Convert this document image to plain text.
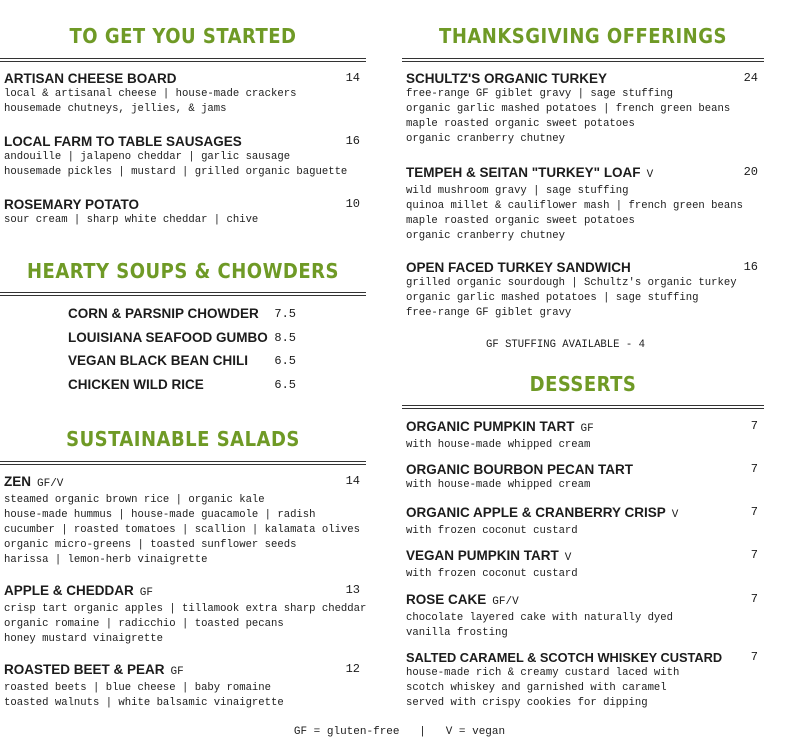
TO GET YOU STARTED
ARTISAN CHEESE BOARD	14
local & artisanal cheese | house-made crackers
housemade chutneys, jellies, & jams
LOCAL FARM TO TABLE SAUSAGES	16
andouille | jalapeno cheddar | garlic sausage
housemade pickles | mustard | grilled organic baguette
ROSEMARY POTATO	10
sour cream | sharp white cheddar | chive
HEARTY SOUPS & CHOWDERS
CORN & PARSNIP CHOWDER 7.5
LOUISIANA SEAFOOD GUMBO 8.5
VEGAN BLACK BEAN CHILI 6.5
CHICKEN WILD RICE	6.5
SUSTAINABLE SALADS
ZEN GF/V	14
steamed organic brown rice | organic kale
house-made hummus | house-made guacamole | radish
cucumber | roasted tomatoes | scallion | kalamata olives
organic micro-greens | toasted sunflower seeds
harissa | lemon-herb vinaigrette
APPLE & CHEDDAR GF	13
crisp tart organic apples | tillamook extra sharp cheddar
organic romaine | radicchio | toasted pecans
honey mustard vinaigrette
ROASTED BEET & PEAR GF	12
roasted beets | blue cheese | baby romaine
toasted walnuts | white balsamic vinaigrette
THANKSGIVING OFFERINGS
SCHULTZ'S ORGANIC TURKEY	24
free-range GF giblet gravy | sage stuffing
organic garlic mashed potatoes | french green beans
maple roasted organic sweet potatoes
organic cranberry chutney
TEMPEH & SEITAN "TURKEY" LOAF V	20
wild mushroom gravy | sage stuffing
quinoa millet & cauliflower mash | french green beans
maple roasted organic sweet potatoes
organic cranberry chutney
OPEN FACED TURKEY SANDWICH	16
grilled organic sourdough | Schultz's organic turkey
organic garlic mashed potatoes | sage stuffing
free-range GF giblet gravy
GF STUFFING AVAILABLE - 4
DESSERTS
ORGANIC PUMPKIN TART GF	7
with house-made whipped cream
ORGANIC BOURBON PECAN TART	7
with house-made whipped cream
ORGANIC APPLE & CRANBERRY CRISP V	7
with frozen coconut custard
VEGAN PUMPKIN TART V	7
with frozen coconut custard
ROSE CAKE GF/V	7
chocolate layered cake with naturally dyed
vanilla frosting
SALTED CARAMEL & SCOTCH WHISKEY CUSTARD	7
house-made rich & creamy custard laced with
scotch whiskey and garnished with caramel
served with crispy cookies for dipping
GF = gluten-free   |   V = vegan
